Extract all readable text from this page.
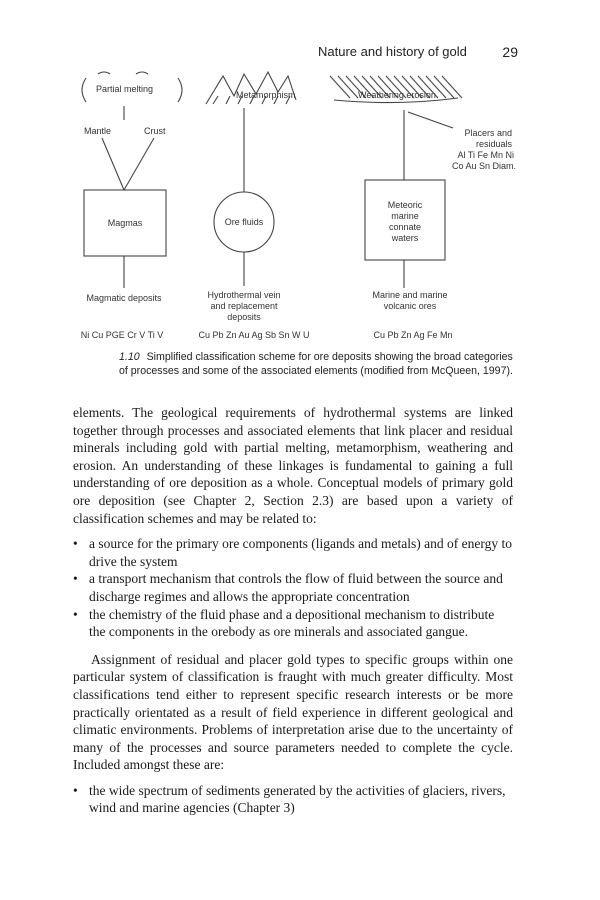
Nature and history of gold	29
Partial melting
Metamorphism	Weathering erosion
Mantle	Crust	Placers and
residuals
Al Ti Fe Mn Ni
Co Au Sn Diam.
Magmas	Ore fluids
Meteoric
marine
connate
waters
Magmatic deposits	Hydrothermal vein
and replacement
deposits
Marine and marine
volcanic ores
Ni Cu PGE Cr V Ti V	Cu Pb Zn Au Ag Sb Sn W U	Cu Pb Zn Ag Fe Mn
1.10 Simplified classification scheme for ore deposits showing the broad categories of processes and some of the associated elements (modified from McQueen, 1997).

elements. The geological requirements of hydrothermal systems are linked together through processes and associated elements that link placer and residual minerals including gold with partial melting, metamorphism, weathering and erosion. An understanding of these linkages is fundamental to gaining a full understanding of ore deposition as a whole. Conceptual models of primary gold ore deposition (see Chapter 2, Section 2.3) are based upon a variety of classification schemes and may be related to:

• a source for the primary ore components (ligands and metals) and of energy to drive the system
• a transport mechanism that controls the flow of fluid between the source and discharge regimes and allows the appropriate concentration
• the chemistry of the fluid phase and a depositional mechanism to distribute the components in the orebody as ore minerals and associated gangue.

Assignment of residual and placer gold types to specific groups within one particular system of classification is fraught with much greater difficulty. Most classifications tend either to represent specific research interests or be more practically orientated as a result of field experience in different geological and climatic environments. Problems of interpretation arise due to the uncertainty of many of the processes and source parameters needed to complete the cycle. Included amongst these are:

• the wide spectrum of sediments generated by the activities of glaciers, rivers, wind and marine agencies (Chapter 3)
